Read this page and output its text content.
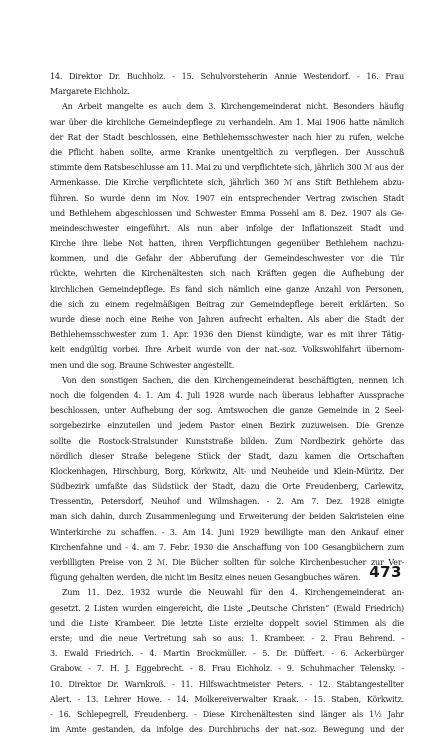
14. Direktor Dr. Buchholz. - 15. Schulvorsteherin Annie Westendorf. - 16. Frau
Margarete Eichholz.
An Arbeit mangelte es auch dem 3. Kirchengemeinderat nicht. Besonders häufig
war über die kirchliche Gemeindepflege zu verhandeln. Am 1. Mai 1906 hatte nämlich
der Rat der Stadt beschlossen, eine Bethlehemsschwester nach hier zu rufen, welche
die Pflicht haben sollte, arme Kranke unentgeltlich zu verpflegen. Der Ausschuß
stimmte dem Ratsbeschlusse am 11. Mai zu und verpflichtete sich, jährlich 300 ℳ aus der
Armenkasse. Die Kirche verpflichtete sich, jährlich 360 ℳ ans Stift Bethlehem abzu-
führen. So wurde denn im Nov. 1907 ein entsprechender Vertrag zwischen Stadt
und Bethlehem abgeschlossen und Schwester Emma Possehl am 8. Dez. 1907 als Ge-
meindeschwester eingeführt. Als nun aber infolge der Inflationszeit Stadt und
Kirche ihre liebe Not hatten, ihren Verpflichtungen gegenüber Bethlehem nachzu-
kommen, und die Gefahr der Abberufung der Gemeindeschwester vor die Tür
rückte, wehrten die Kirchenältesten sich nach Kräften gegen die Aufhebung der
kirchlichen Gemeindepflege. Es fand sich nämlich eine ganze Anzahl von Personen,
die sich zu einem regelmäßigen Beitrag zur Gemeindepflege bereit erklärten. So
wurde diese noch eine Reihe von Jahren aufrecht erhalten. Als aber die Stadt der
Bethlehemsschwester zum 1. Apr. 1936 den Dienst kündigte, war es mit ihrer Tätig-
keit endgültig vorbei. Ihre Arbeit wurde von der nat.-soz. Volkswohlfahrt übernom-
men und die sog. Braune Schwester angestellt.
Von den sonstigen Sachen, die den Kirchengemeinderat beschäftigten, nennen ich
noch die folgenden 4: 1. Am 4. Juli 1928 wurde nach überaus lebhafter Aussprache
beschlossen, unter Aufhebung der sog. Amtswochen die ganze Gemeinde in 2 Seel-
sorgebezirke einzuteilen und jedem Pastor einen Bezirk zuzuweisen. Die Grenze
sollte die Rostock-Stralsunder Kunststraße bilden. Zum Nordbezirk gehörte das
nördlich dieser Straße belegene Stück der Stadt, dazu kamen die Ortschaften
Klockenhagen, Hirschburg, Borg, Körkwitz, Alt- und Neuheide und Klein-Müritz. Der
Südbezirk umfaßte das Südstück der Stadt, dazu die Orte Freudenberg, Carlewitz,
Tressentin, Petersdorf, Neuhof und Wilmshagen. - 2. Am 7. Dez. 1928 einigte
man sich dahin, durch Zusammenlegung und Erweiterung der beiden Sakristeien eine
Winterkirche zu schaffen. - 3. Am 14. Juni 1929 bewilligte man den Ankauf einer
Kirchenfahne und - 4. am 7. Febr. 1930 die Anschaffung von 100 Gesangbüchern zum
verbilligten Preise von 2 ℳ. Die Bücher sollten für solche Kirchenbesucher zur Ver-
fügung gehalten werden, die nicht im Besitz eines neuen Gesangbuches wären.
Zum 11. Dez. 1932 wurde die Neuwahl für den 4. Kirchengemeinderat an-
gesetzt. 2 Listen wurden eingereicht, die Liste „Deutsche Christen“ (Ewald Friedrich)
und die Liste Krambeer. Die letzte Liste erzielte doppelt soviel Stimmen als die
erste; und die neue Vertretung sah so aus: 1. Krambeer. - 2. Frau Behrend. -
3. Ewald Friedrich. - 4. Martin Brockmüller. - 5. Dr. Düffert. - 6. Ackerbürger
Grabow. - 7. H. J. Eggebrecht. - 8. Frau Eichholz. - 9. Schuhmacher Telensky. -
10. Direktor Dr. Warnkroß. - 11. Hilfswachtmeister Peters. - 12. Stabtangestellter
Alert. - 13. Lehrer Howe. - 14. Molkereiverwalter Kraak. - 15. Staben, Körkwitz.
- 16. Schlepegrell, Freudenberg. - Diese Kirchenältesten sind länger als 1½ Jahr
im Amte gestanden, da infolge des Durchbruchs der nat.-soz. Bewegung und der
473
